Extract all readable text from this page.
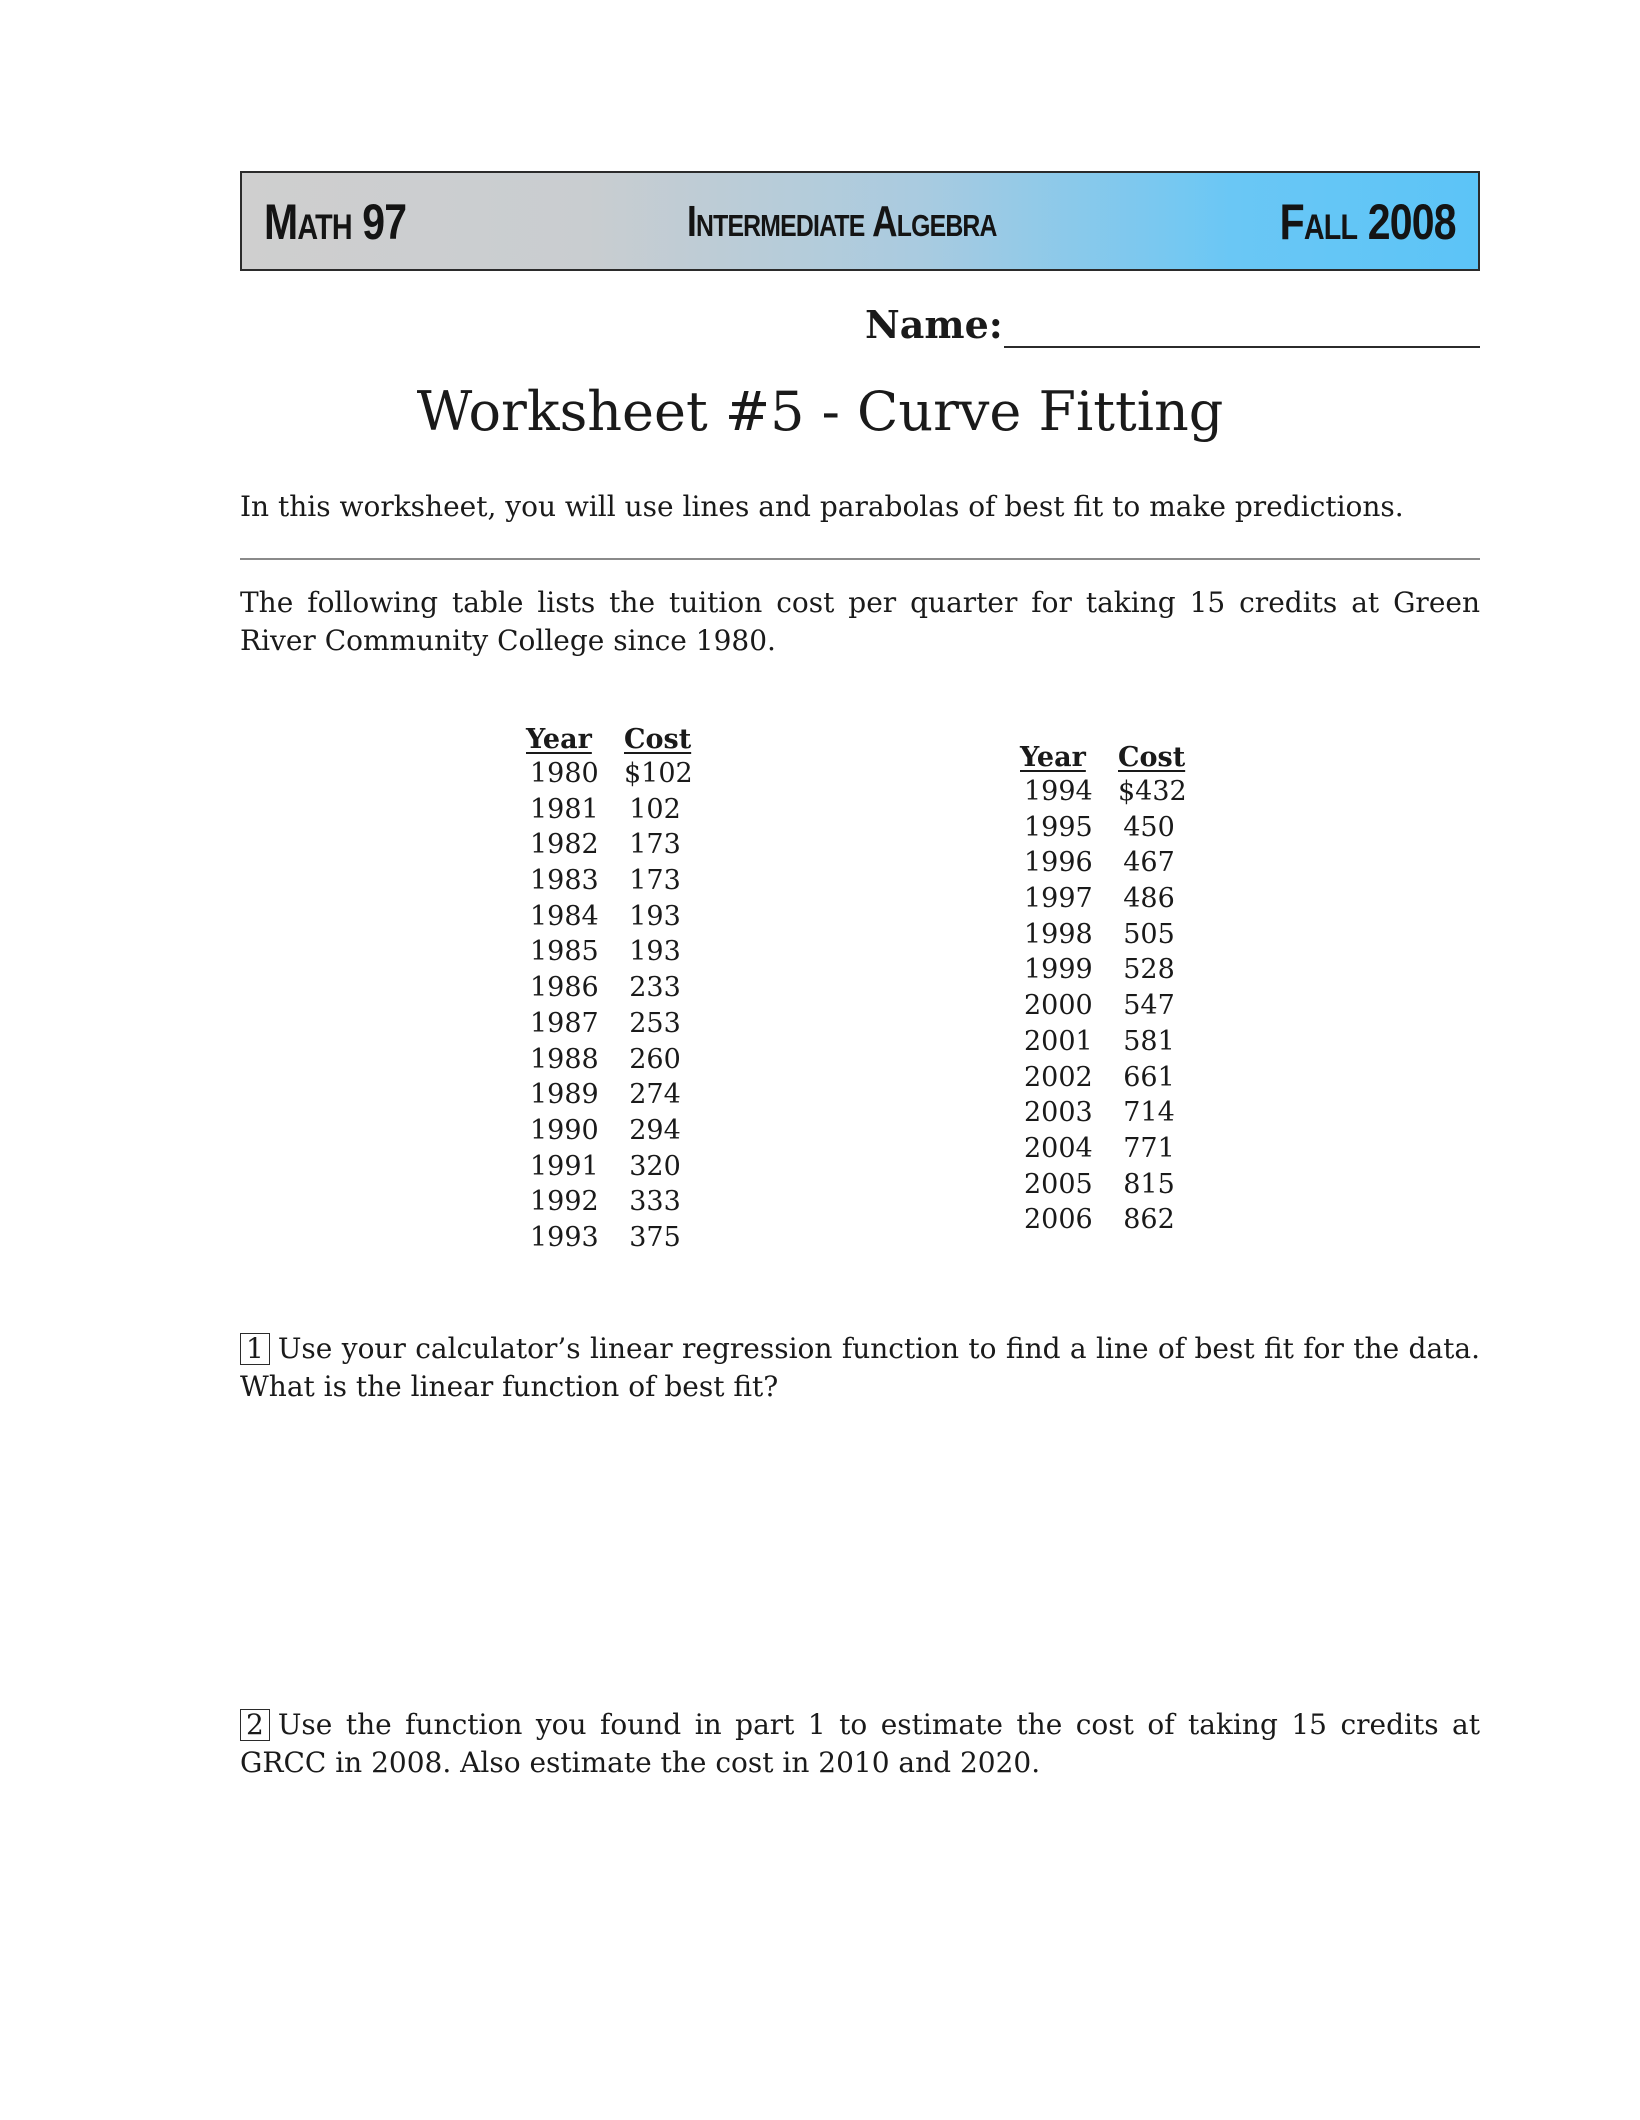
Math 97	Intermediate Algebra	Fall 2008
Name:
Worksheet #5 - Curve Fitting
In this worksheet, you will use lines and parabolas of best fit to make predictions.
The following table lists the tuition cost per quarter for taking 15 credits at Green River Community College since 1980.
Year Cost
1980 $102
1981 102
1982 173
1983 173
1984 193
1985 193
1986 233
1987 253
1988 260
1989 274
1990 294
1991 320
1992 333
1993 375
Year Cost
1994 $432
1995 450
1996 467
1997 486
1998 505
1999 528
2000 547
2001 581
2002 661
2003 714
2004 771
2005 815
2006 862
1 Use your calculator’s linear regression function to find a line of best fit for the data. What is the linear function of best fit?
2 Use the function you found in part 1 to estimate the cost of taking 15 credits at GRCC in 2008. Also estimate the cost in 2010 and 2020.
